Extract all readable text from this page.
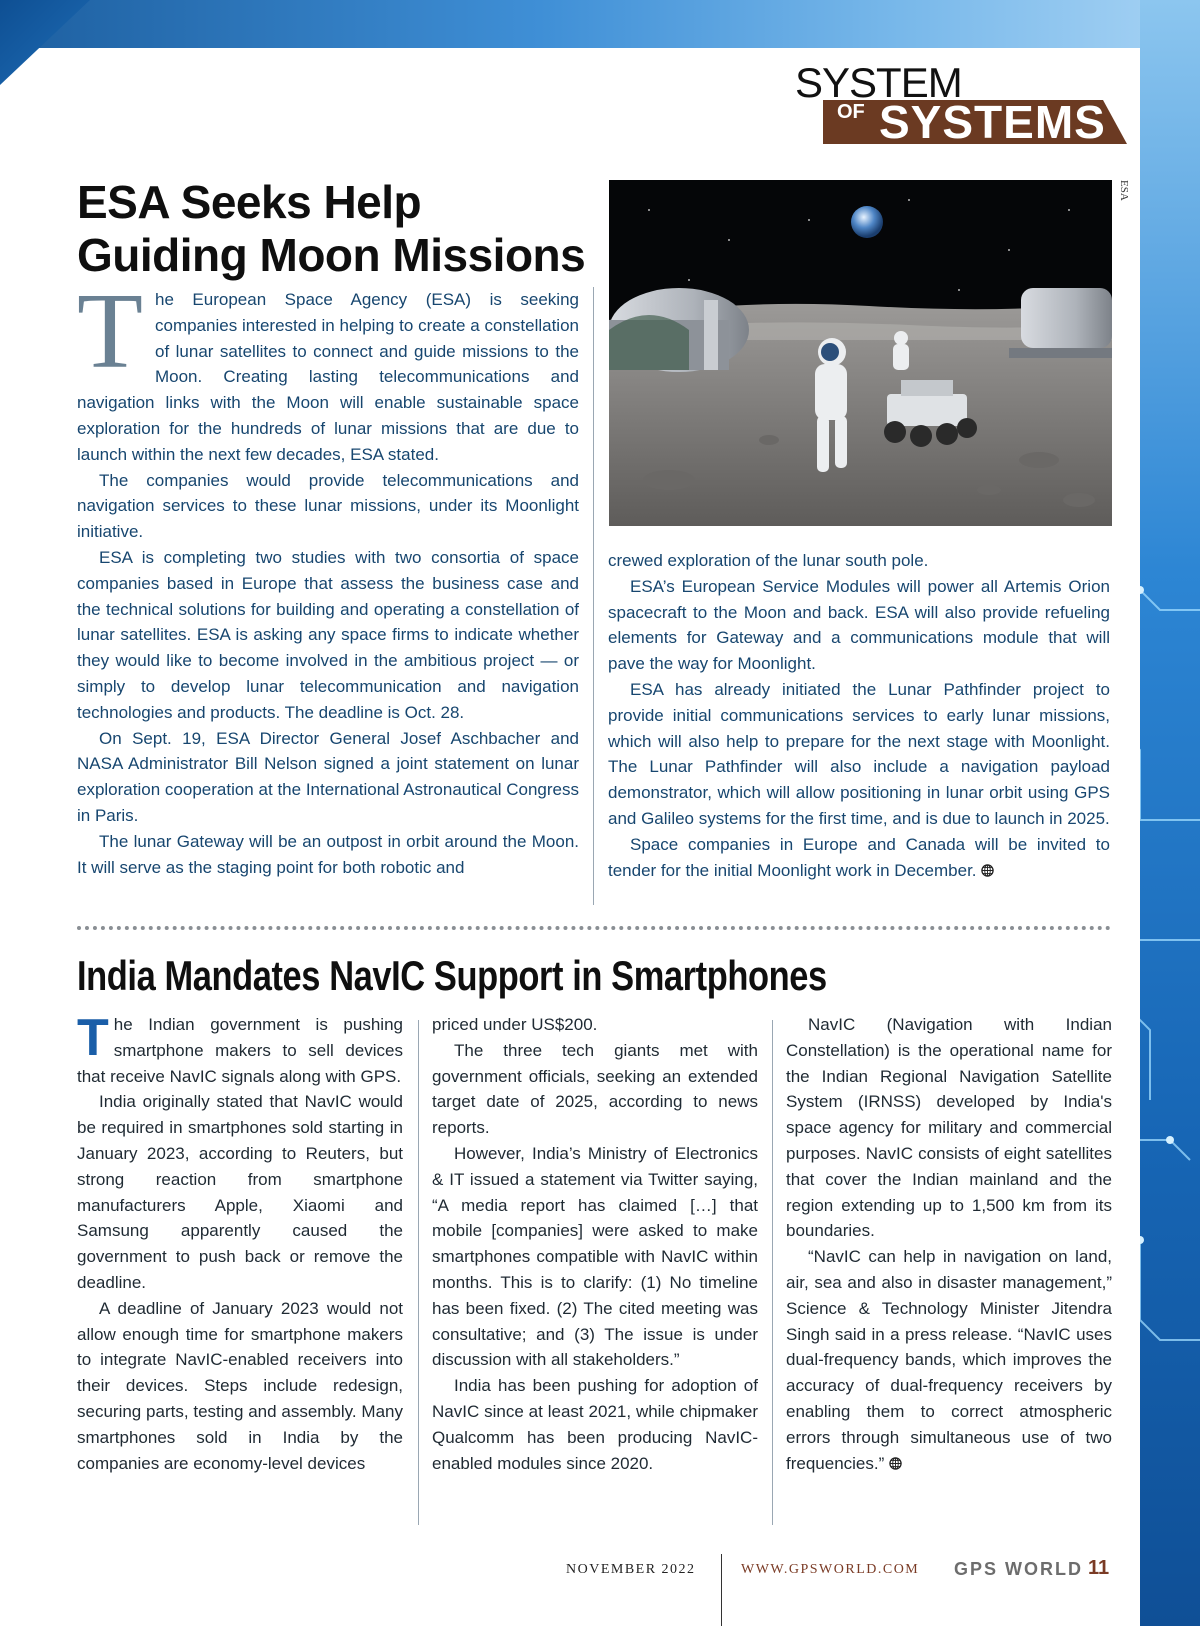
SYSTEM
OF SYSTEMS
ESA Seeks Help Guiding Moon Missions
T he European Space Agency (ESA) is seeking companies interested in helping to create a constellation of lunar satellites to connect and guide missions to the Moon. Creating lasting telecommunications and navigation links with the Moon will enable sustainable space exploration for the hundreds of lunar missions that are due to launch within the next few decades, ESA stated.

The companies would provide telecommunications and navigation services to these lunar missions, under its Moonlight initiative.

ESA is completing two studies with two consortia of space companies based in Europe that assess the business case and the technical solutions for building and operating a constellation of lunar satellites. ESA is asking any space firms to indicate whether they would like to become involved in the ambitious project — or simply to develop lunar telecommunication and navigation technologies and products. The deadline is Oct. 28.

On Sept. 19, ESA Director General Josef Aschbacher and NASA Administrator Bill Nelson signed a joint statement on lunar exploration cooperation at the International Astronautical Congress in Paris.

The lunar Gateway will be an outpost in orbit around the Moon. It will serve as the staging point for both robotic and

ESA

crewed exploration of the lunar south pole.

ESA’s European Service Modules will power all Artemis Orion spacecraft to the Moon and back. ESA will also provide refueling elements for Gateway and a communications module that will pave the way for Moonlight.

ESA has already initiated the Lunar Pathfinder project to provide initial communications services to early lunar missions, which will also help to prepare for the next stage with Moonlight. The Lunar Pathfinder will also include a navigation payload demonstrator, which will allow positioning in lunar orbit using GPS and Galileo systems for the first time, and is due to launch in 2025.

Space companies in Europe and Canada will be invited to tender for the initial Moonlight work in December.

India Mandates NavIC Support in Smartphones
T he Indian government is pushing smartphone makers to sell devices that receive NavIC signals along with GPS.

India originally stated that NavIC would be required in smartphones sold starting in January 2023, according to Reuters, but strong reaction from smartphone manufacturers Apple, Xiaomi and Samsung apparently caused the government to push back or remove the deadline.

A deadline of January 2023 would not allow enough time for smartphone makers to integrate NavIC-enabled receivers into their devices. Steps include redesign, securing parts, testing and assembly. Many smartphones sold in India by the companies are economy-level devices

priced under US$200.

The three tech giants met with government officials, seeking an extended target date of 2025, according to news reports.

However, India’s Ministry of Electronics & IT issued a statement via Twitter saying, “A media report has claimed […] that mobile [companies] were asked to make smartphones compatible with NavIC within months. This is to clarify: (1) No timeline has been fixed. (2) The cited meeting was consultative; and (3) The issue is under discussion with all stakeholders.”

India has been pushing for adoption of NavIC since at least 2021, while chipmaker Qualcomm has been producing NavIC-enabled modules since 2020.

NavIC (Navigation with Indian Constellation) is the operational name for the Indian Regional Navigation Satellite System (IRNSS) developed by India's space agency for military and commercial purposes. NavIC consists of eight satellites that cover the Indian mainland and the region extending up to 1,500 km from its boundaries.

“NavIC can help in navigation on land, air, sea and also in disaster management,” Science & Technology Minister Jitendra Singh said in a press release. “NavIC uses dual-frequency bands, which improves the accuracy of dual-frequency receivers by enabling them to correct atmospheric errors through simultaneous use of two frequencies.”

NOVEMBER 2022	WWW.GPSWORLD.COM GPS WORLD 11
